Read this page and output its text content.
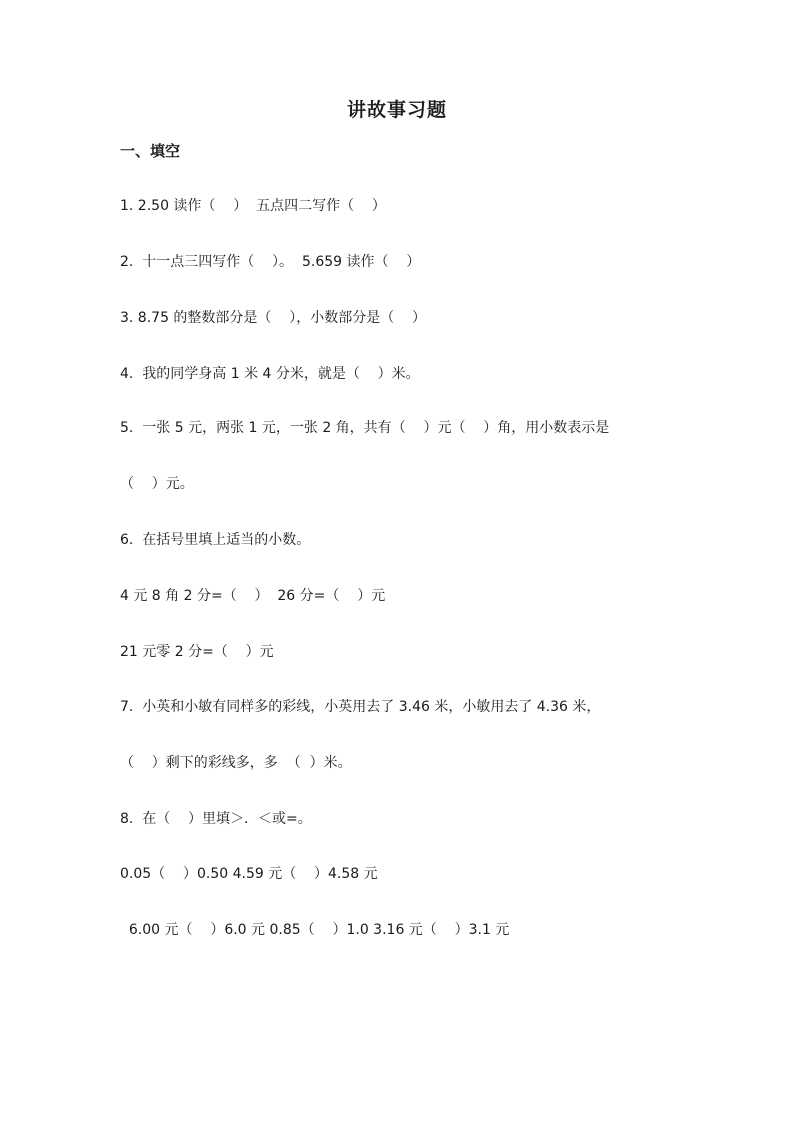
讲故事习题
一、填空
1. 2.50 读作（    ）  五点四二写作（    ）
2.  十一点三四写作（    ）。  5.659 读作（    ）
3. 8.75 的整数部分是（    ），小数部分是（    ）
4.  我的同学身高 1 米 4 分米，就是（    ）米。
5.  一张 5 元，两张 1 元，一张 2 角，共有（    ）元（    ）角，用小数表示是
（    ）元。
6.  在括号里填上适当的小数。
4 元 8 角 2 分=（    ）  26 分=（    ）元
21 元零 2 分=（    ）元
7.  小英和小敏有同样多的彩线，小英用去了 3.46 米，小敏用去了 4.36 米，
（    ）剩下的彩线多，多  （  ）米。
8.  在（    ）里填＞．＜或=。
0.05（    ）0.50 4.59 元（    ）4.58 元
6.00 元（    ）6.0 元 0.85（    ）1.0 3.16 元（    ）3.1 元
